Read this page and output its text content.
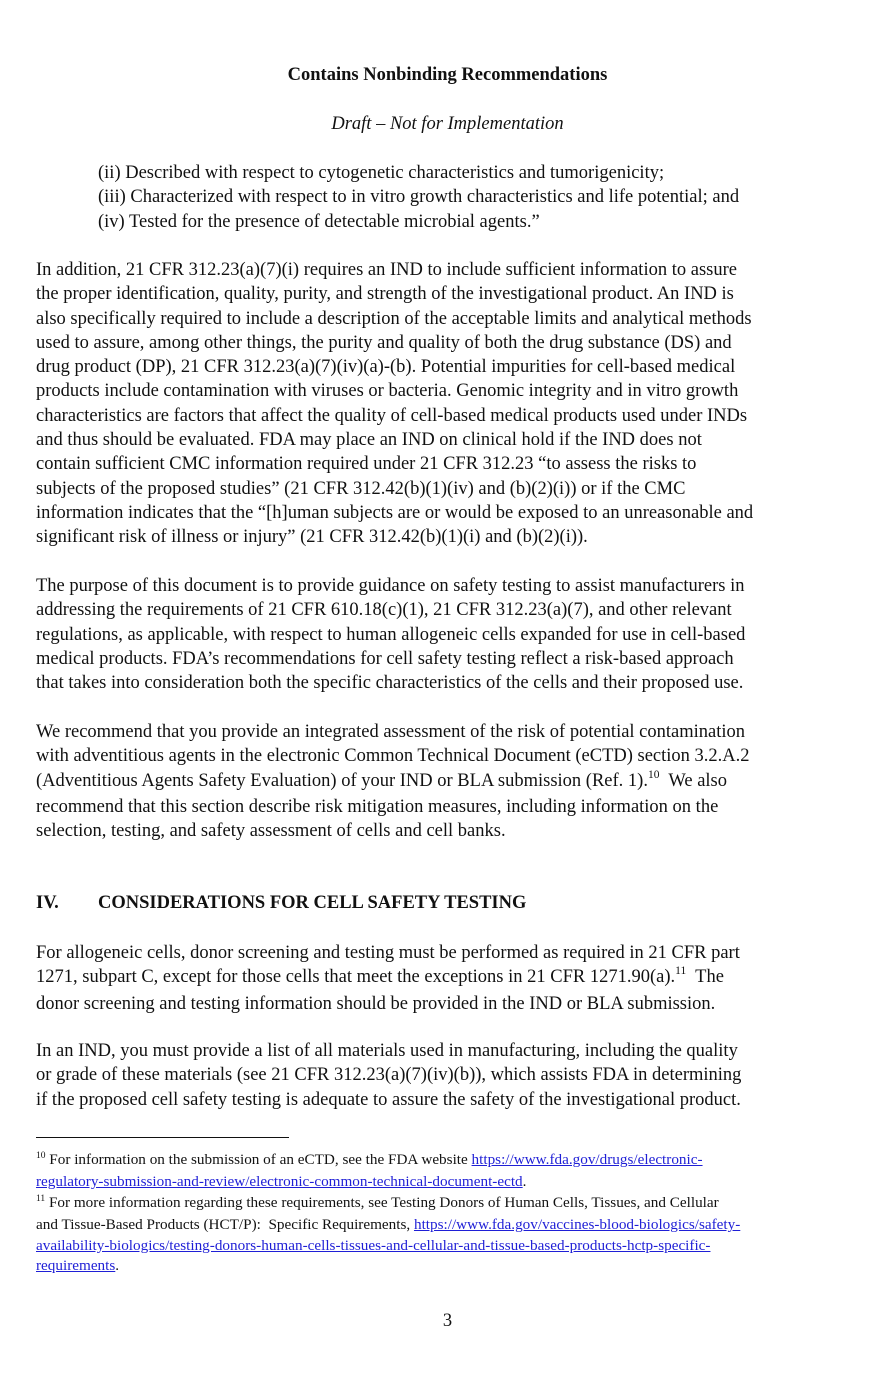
Contains Nonbinding Recommendations
Draft – Not for Implementation
(ii) Described with respect to cytogenetic characteristics and tumorigenicity;
(iii) Characterized with respect to in vitro growth characteristics and life potential; and
(iv) Tested for the presence of detectable microbial agents.”
In addition, 21 CFR 312.23(a)(7)(i) requires an IND to include sufficient information to assure
the proper identification, quality, purity, and strength of the investigational product. An IND is
also specifically required to include a description of the acceptable limits and analytical methods
used to assure, among other things, the purity and quality of both the drug substance (DS) and
drug product (DP), 21 CFR 312.23(a)(7)(iv)(a)-(b). Potential impurities for cell-based medical
products include contamination with viruses or bacteria. Genomic integrity and in vitro growth
characteristics are factors that affect the quality of cell-based medical products used under INDs
and thus should be evaluated. FDA may place an IND on clinical hold if the IND does not
contain sufficient CMC information required under 21 CFR 312.23 “to assess the risks to
subjects of the proposed studies” (21 CFR 312.42(b)(1)(iv) and (b)(2)(i)) or if the CMC
information indicates that the “[h]uman subjects are or would be exposed to an unreasonable and
significant risk of illness or injury” (21 CFR 312.42(b)(1)(i) and (b)(2)(i)).
The purpose of this document is to provide guidance on safety testing to assist manufacturers in
addressing the requirements of 21 CFR 610.18(c)(1), 21 CFR 312.23(a)(7), and other relevant
regulations, as applicable, with respect to human allogeneic cells expanded for use in cell-based
medical products. FDA’s recommendations for cell safety testing reflect a risk-based approach
that takes into consideration both the specific characteristics of the cells and their proposed use.
We recommend that you provide an integrated assessment of the risk of potential contamination
with adventitious agents in the electronic Common Technical Document (eCTD) section 3.2.A.2
(Adventitious Agents Safety Evaluation) of your IND or BLA submission (Ref. 1).$^{10}$  We also
recommend that this section describe risk mitigation measures, including information on the
selection, testing, and safety assessment of cells and cell banks.
IV. CONSIDERATIONS FOR CELL SAFETY TESTING
For allogeneic cells, donor screening and testing must be performed as required in 21 CFR part
1271, subpart C, except for those cells that meet the exceptions in 21 CFR 1271.90(a).$^{11}$  The
donor screening and testing information should be provided in the IND or BLA submission.
In an IND, you must provide a list of all materials used in manufacturing, including the quality
or grade of these materials (see 21 CFR 312.23(a)(7)(iv)(b)), which assists FDA in determining
if the proposed cell safety testing is adequate to assure the safety of the investigational product.
$^{10}$ For information on the submission of an eCTD, see the FDA website https://www.fda.gov/drugs/electronic-
regulatory-submission-and-review/electronic-common-technical-document-ectd.
$^{11}$ For more information regarding these requirements, see Testing Donors of Human Cells, Tissues, and Cellular
and Tissue-Based Products (HCT/P):  Specific Requirements, https://www.fda.gov/vaccines-blood-biologics/safety-
availability-biologics/testing-donors-human-cells-tissues-and-cellular-and-tissue-based-products-hctp-specific-
requirements.
3
